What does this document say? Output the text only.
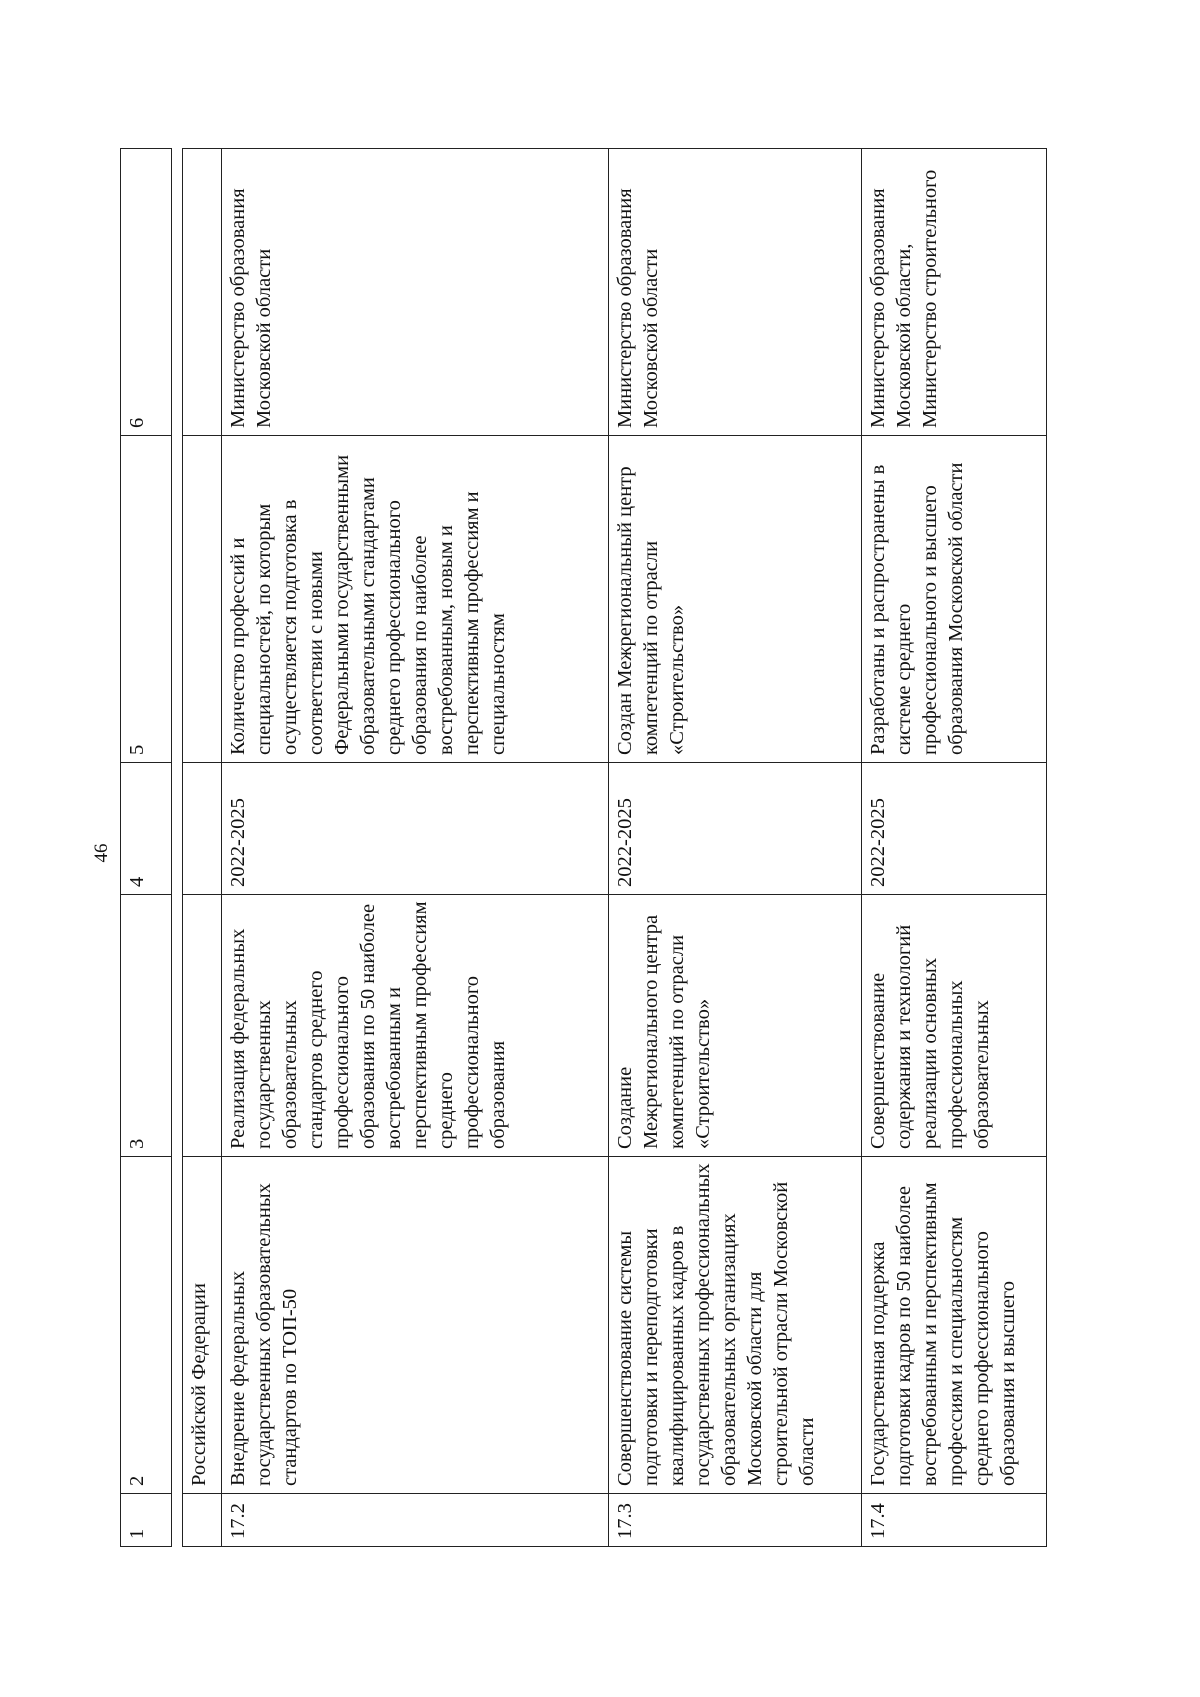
46
1	2	3	4	5	6

	Российской Федерации				
17.2	Внедрение федеральных государственных образовательных стандартов по ТОП-50	Реализация федеральных государственных образовательных стандартов среднего профессионального образования по 50 наиболее востребованным и перспективным профессиям среднего профессионального образования	2022-2025	Количество профессий и специальностей, по которым осуществляется подготовка в соответствии с новыми Федеральными государственными образовательными стандартами среднего профессионального образования по наиболее востребованным, новым и перспективным профессиям и специальностям	Министерство образования Московской области
17.3	Совершенствование системы подготовки и переподготовки квалифицированных кадров в государственных профессиональных образовательных организациях Московской области для строительной отрасли Московской области	Создание Межрегионального центра компетенций по отрасли «Строительство»	2022-2025	Создан Межрегиональный центр компетенций по отрасли «Строительство»	Министерство образования Московской области
17.4	Государственная поддержка подготовки кадров по 50 наиболее востребованным и перспективным профессиям и специальностям среднего профессионального образования и высшего	Совершенствование содержания и технологий реализации основных профессиональных образовательных	2022-2025	Разработаны и распространены в системе среднего профессионального и высшего образования Московской области	Министерство образования Московской области, Министерство строительного
